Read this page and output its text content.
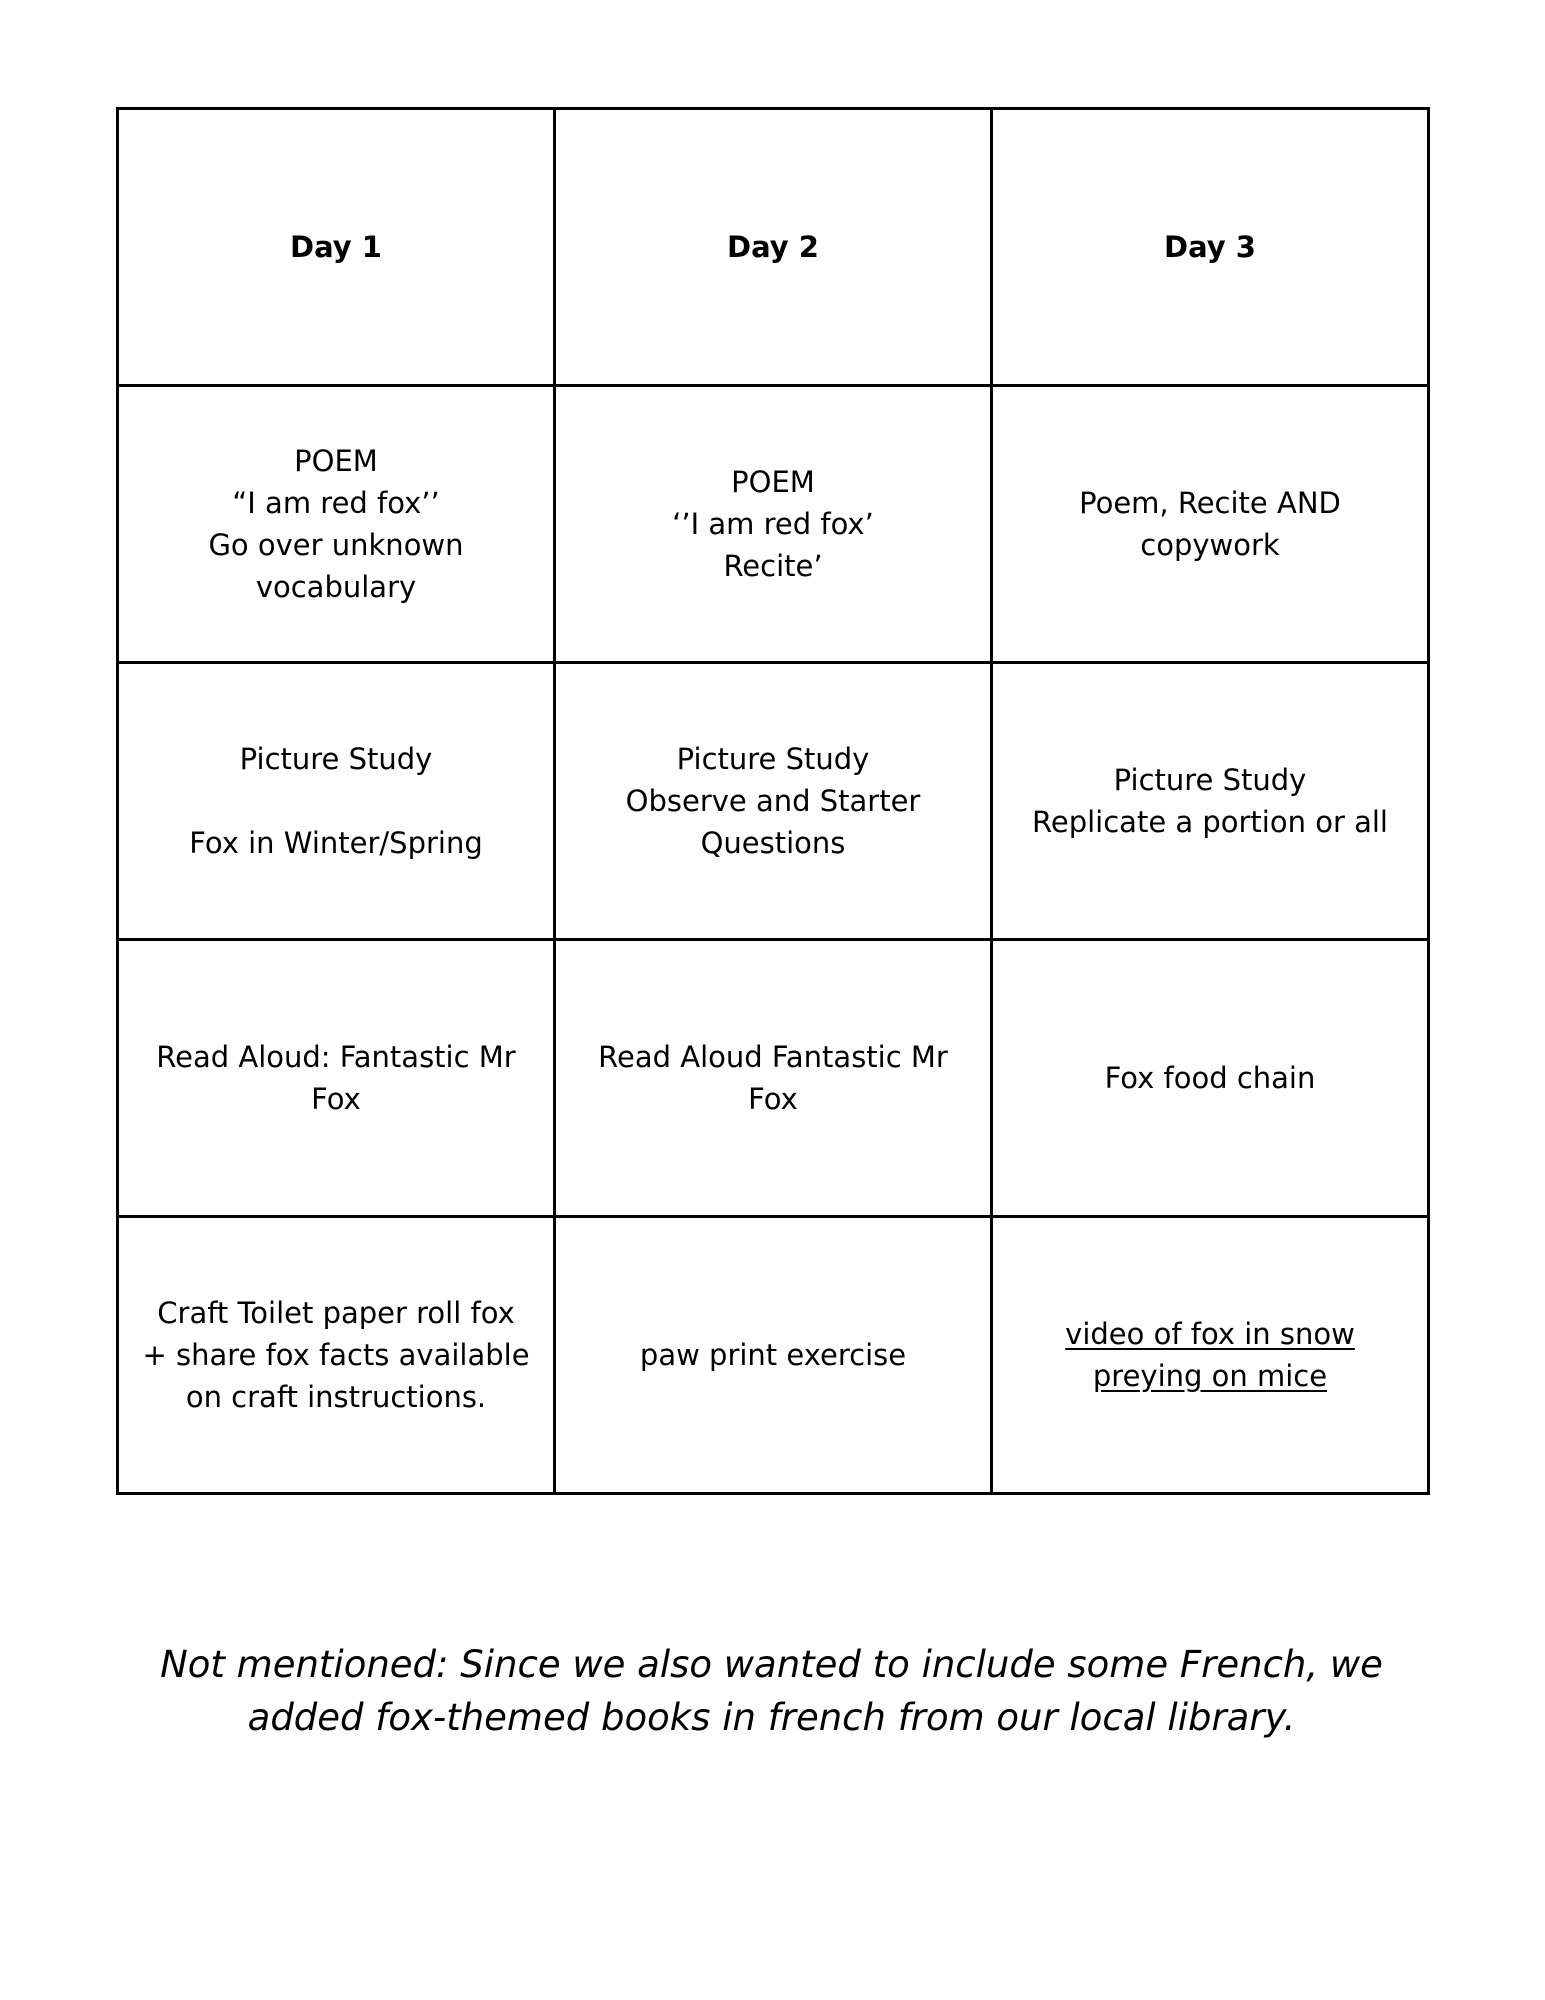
Day 1	Day 2	Day 3

POEM
“I am red fox’’
Go over unknown
vocabulary	POEM
‘’I am red fox’
Recite’	Poem, Recite AND
copywork

Picture Study
Fox in Winter/Spring	Picture Study
Observe and Starter
Questions	Picture Study
Replicate a portion or all

Read Aloud: Fantastic Mr
Fox	Read Aloud Fantastic Mr
Fox	Fox food chain

Craft Toilet paper roll fox
+ share fox facts available
on craft instructions.	paw print exercise	video of fox in snow
preying on mice
Not mentioned: Since we also wanted to include some French, we
added fox-themed books in french from our local library.
